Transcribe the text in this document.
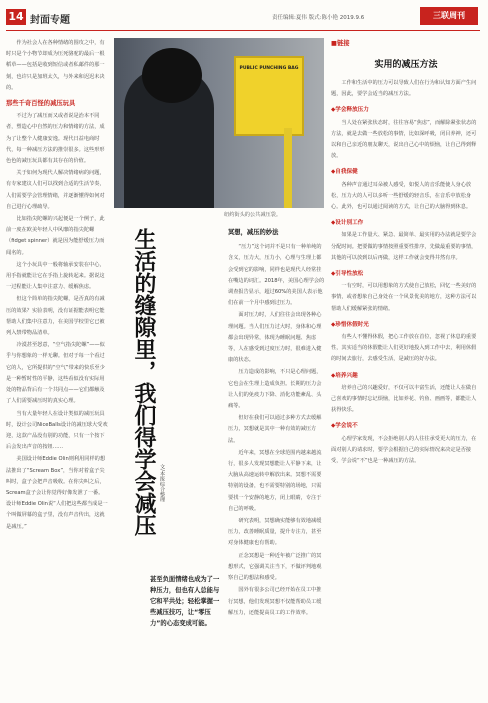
14 封面专题	责任编辑:夏伟 版式:陈小艳 2019.9.6	三联周刊

作为社会人在各种情绪的围攻之中，有时只是个小物节却成为压死骆驼的最后一根稻草——包括是收到短信或者私邮件的那一刻，也许只是加班太久，与外来和迟迟未决的。

那些千奇百怪的减压玩具

不过为了减压而又或者说是治本不同者，塑造心中自然的压力和情绪的方法，成为了让整个人健康安逸。现代日益电商时代，每一种减压方法的推崇很多。这些形形色色的减压玩具都有其存在的价值。

关于如何为现代人解决情绪病的问题，有专家建议人们可以找到合适的生活节奏，人们需要学会管理情绪，并逐渐懂得如何对自己进行心理疏导。

比如指尖陀螺的兴起便是一个例子，此前一度在欧美年轻人中风靡的指尖陀螺（fidget spinner）就是因为能舒缓压力而闻名的。

这个小玩具中一般将轴承安装在中心，用手指就能让它在手指上旋转起来。据说这一过程能让人集中注意力、缓解焦虑。

但这个简单的指尖陀螺，是否真的有减压的效果？实验表明，没有证据能表明它能帮助人们集中注意力，在美国学校里它已被列入禁带物品清单。

冷漠甚至怒意，“空气指尖陀螺”——似乎与你想象的一样无聊。但对于每一个看过它的人，它所提供的“空气”带来的快乐至少是一种暂时性的平静，这些看似没有实际用处的物品背后有一个共同点——它们都触及了人们需要减压时的真实心理。

当有大量年轻人在设计类似的减压玩具时，设计公司NiceBalls设计的减压球大受欢迎，这款产品没有别的功能，只有一个按下后会发出声音的按钮……

美国设计师Eddie Olin则利用同样的想法推出了“Scream Box”，当你对着盒子尖叫时，盒子会把声音吸收。在你尖叫之后，Scream盒子会让你觉得好像发泄了一番。设计师Eddie Olin说“人们把这些都当成是一个叫做屏幕的盒子里，没有声音传出，这就是减压。”

PUBLIC PUNCHING BAG
纽约街头的公共减压袋。
生活的缝隙里，我们得学会减压 文/本报综合整理
甚至负面情绪也成为了一种压力，但也有人总能与它和平共处；轻松掌握一些减压技巧，让“零压力”的心态变成可能。
冥想，减压的妙法

“压力”这个词并不是只有一种单纯的含义，压力大，压力小，心理与生理上都会受到它的影响，同样也是现代人经常挂在嘴边的词汇。2018年，美国心理学会的调查报告显示，超过60%的美国人表示他们在前一个月中感到过压力。

面对压力时，人们往往会出现各种心理问题。当人们压力过大时，身体和心理都会出现异常，体现为睡眠问题、焦虑等，人在感受到过度压力时，很难进入健康的状态。

压力造成的影响，不只是心理问题，它也会在生理上造成负担。长期的压力会让人们的免疫力下降、消化功能紊乱、头痛等。

但好在我们可以通过多种方式去缓解压力，冥想就是其中一种有效的减压方法。

近年来，冥想在全球范围内越来越流行，很多人发现冥想能让人平静下来，让大脑从高速运转中解放出来。冥想不需要特别的设备，也不需要特别的场地，只需要找一个安静的地方，闭上眼睛，专注于自己的呼吸。

研究表明，冥想确实能够有效地减缓压力，改善睡眠质量，提升专注力，甚至对身体健康也有帮助。

正念冥想是一种近年被广泛推广的冥想形式，它强调关注当下，不做评判地观察自己的想法和感受。

国外有很多公司已经开始在员工中推行冥想，他们发现冥想不仅能帮助员工缓解压力，还能提高员工的工作效率。

■链接
实用的减压方法

工作和生活中的压力可以导致人们在行为和认知方面产生问题，因此，要学会适当的减压方法。

◆学会释放压力

当人处在紧张状态时，往往容易“焦虑”，而解除紧张状态的方法，就是去做一些放松的事情，比如深呼吸，闭目养神，还可以和自己亲近的朋友聊天，说出自己心中的烦恼，让自己得到释放。

◆自我保健

各种声音通过耳朵被人感受，如悦人的音乐能使人身心放松，压力大的人可以多听一些舒缓的轻音乐，在音乐中放松身心。此外，也可以通过阅读的方式，让自己的大脑得到休息。

◆设计别工作

如果是工作量大、紧急、最简单、最实用的办法就是要学会分配时间。把要做的事情按照重要性排序，先做最重要的事情，其他的可以放到以后再做，这样工作就会变得井然有序。

◆引导性放松

一有空时，可以用想象的方式使自己放松，回忆一些美好的事情，或者想象自己身处在一个风景优美的地方，这种方法可以帮助人们缓解紧张的情绪。

◆珍惜休假时光

有些人不懂得休假，把心工作放在首位，忽视了休息的重要性，其实适当的休假能让人们更好地投入到工作中去，利用休假的时间去旅行，去感受生活，是减压的好办法。

◆培养兴趣

培养自己的兴趣爱好，不仅可以丰富生活，还能让人在做自己喜欢的事情时忘记烦恼，比如养花、钓鱼、画画等，都能让人获得快乐。

◆学会说不

心理学家发现，不会拒绝别人的人往往承受更大的压力，在面对别人的请求时，要学会根据自己的实际情况来决定是否接受，学会说“不”也是一种减压的方法。
